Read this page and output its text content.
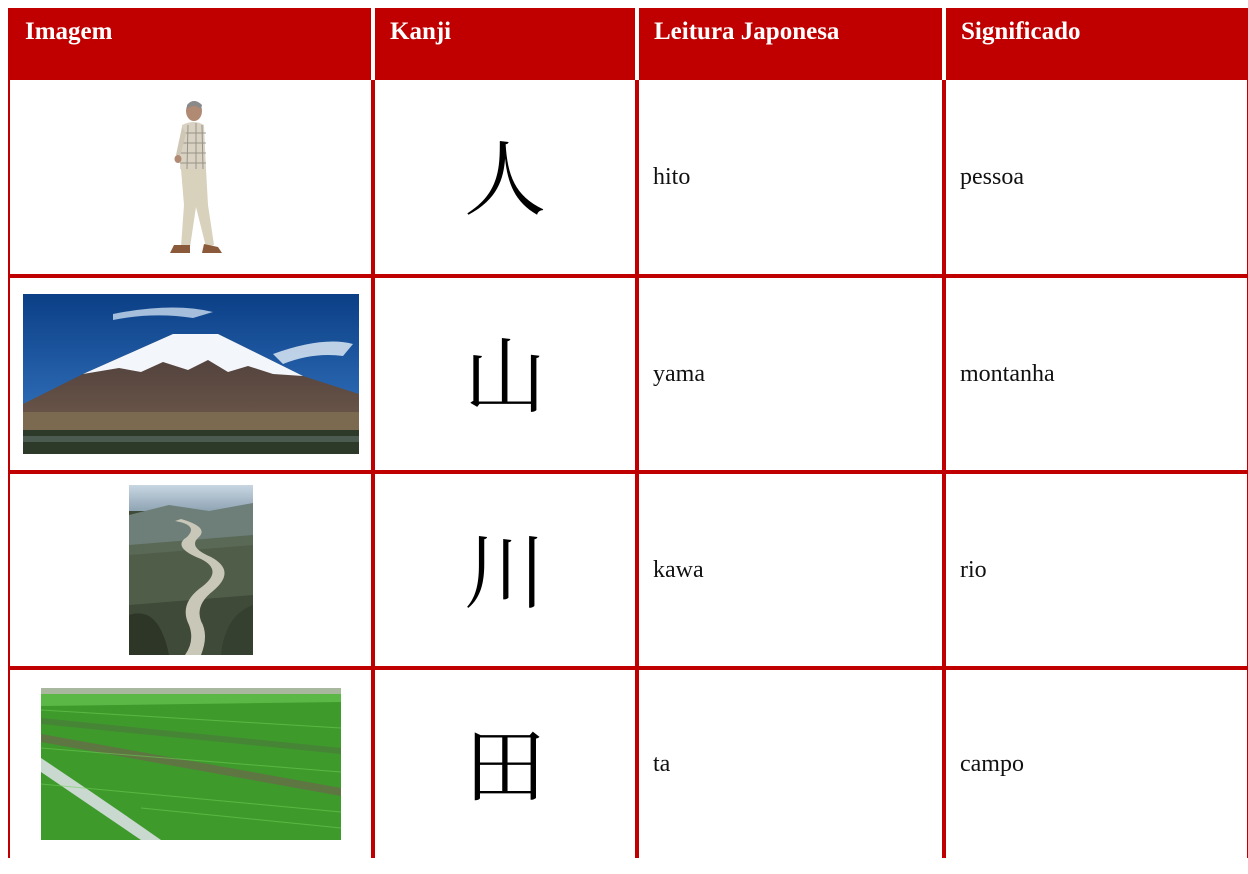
Imagem	Kanji	Leitura Japonesa	Significado

	人	hito	pessoa

	山	yama	montanha

	川	kawa	rio

	田	ta	campo
